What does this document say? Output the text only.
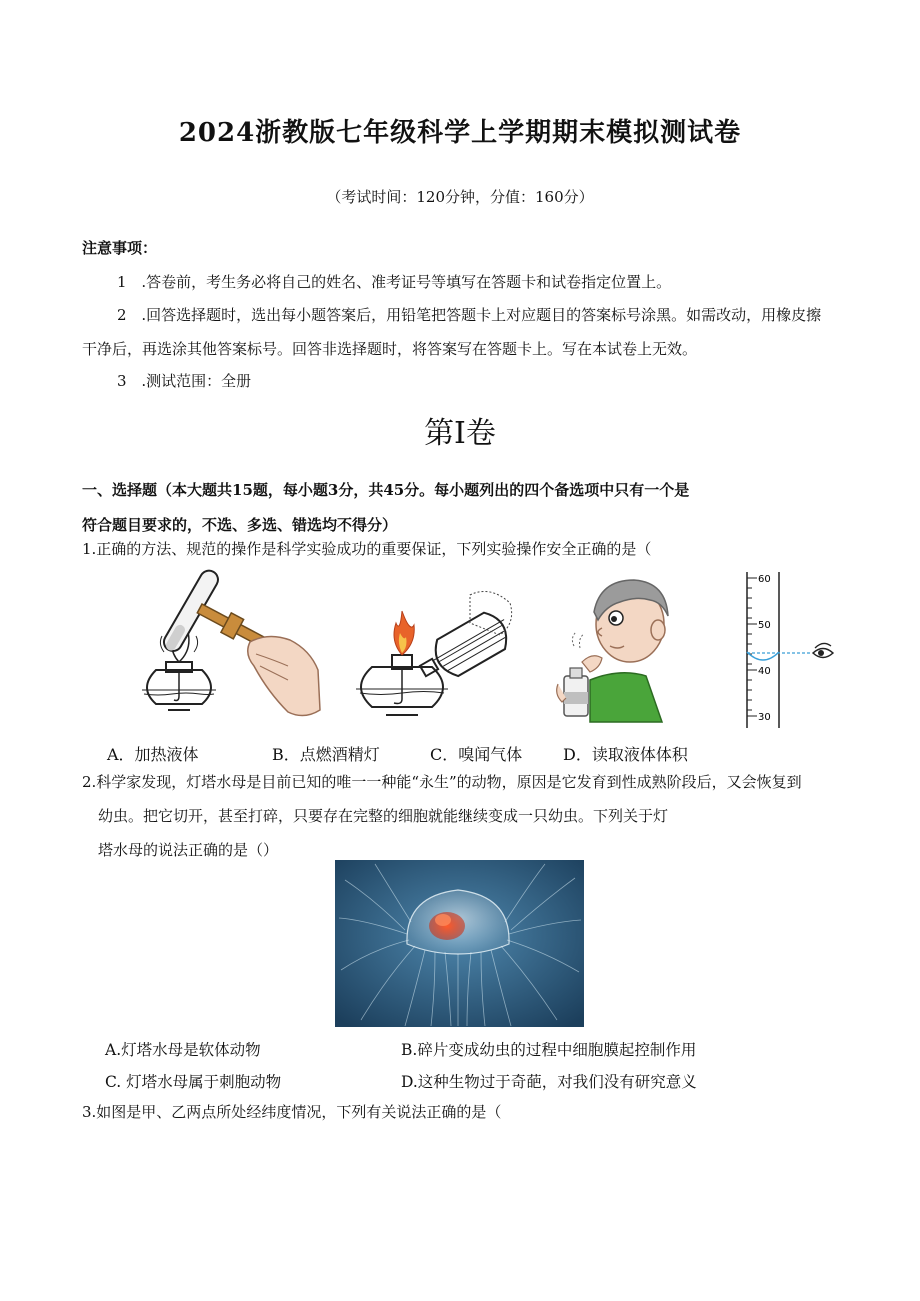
2024浙教版七年级科学上学期期末模拟测试卷
（考试时间：120分钟，分值：160分）
注意事项：
1 .答卷前，考生务必将自己的姓名、准考证号等填写在答题卡和试卷指定位置上。
2 .回答选择题时，选出每小题答案后，用铅笔把答题卡上对应题目的答案标号涂黑。如需改动，用橡皮擦
干净后，再选涂其他答案标号。回答非选择题时，将答案写在答题卡上。写在本试卷上无效。
3 .测试范围：全册
第I卷
一、选择题（本大题共15题，每小题3分，共45分。每小题列出的四个备选项中只有一个是
符合题目要求的，不选、多选、错选均不得分）
1.正确的方法、规范的操作是科学实验成功的重要保证，下列实验操作安全正确的是（
60
50
40
30
A．加热液体	B．点燃酒精灯	C．嗅闻气体	D．读取液体体积
2.科学家发现，灯塔水母是目前已知的唯一一种能“永生”的动物，原因是它发育到性成熟阶段后，又会恢复到
幼虫。把它切开，甚至打碎，只要存在完整的细胞就能继续变成一只幼虫。下列关于灯
塔水母的说法正确的是（）
A.灯塔水母是软体动物	B.碎片变成幼虫的过程中细胞膜起控制作用
C. 灯塔水母属于刺胞动物	D.这种生物过于奇葩，对我们没有研究意义
3.如图是甲、乙两点所处经纬度情况，下列有关说法正确的是（
